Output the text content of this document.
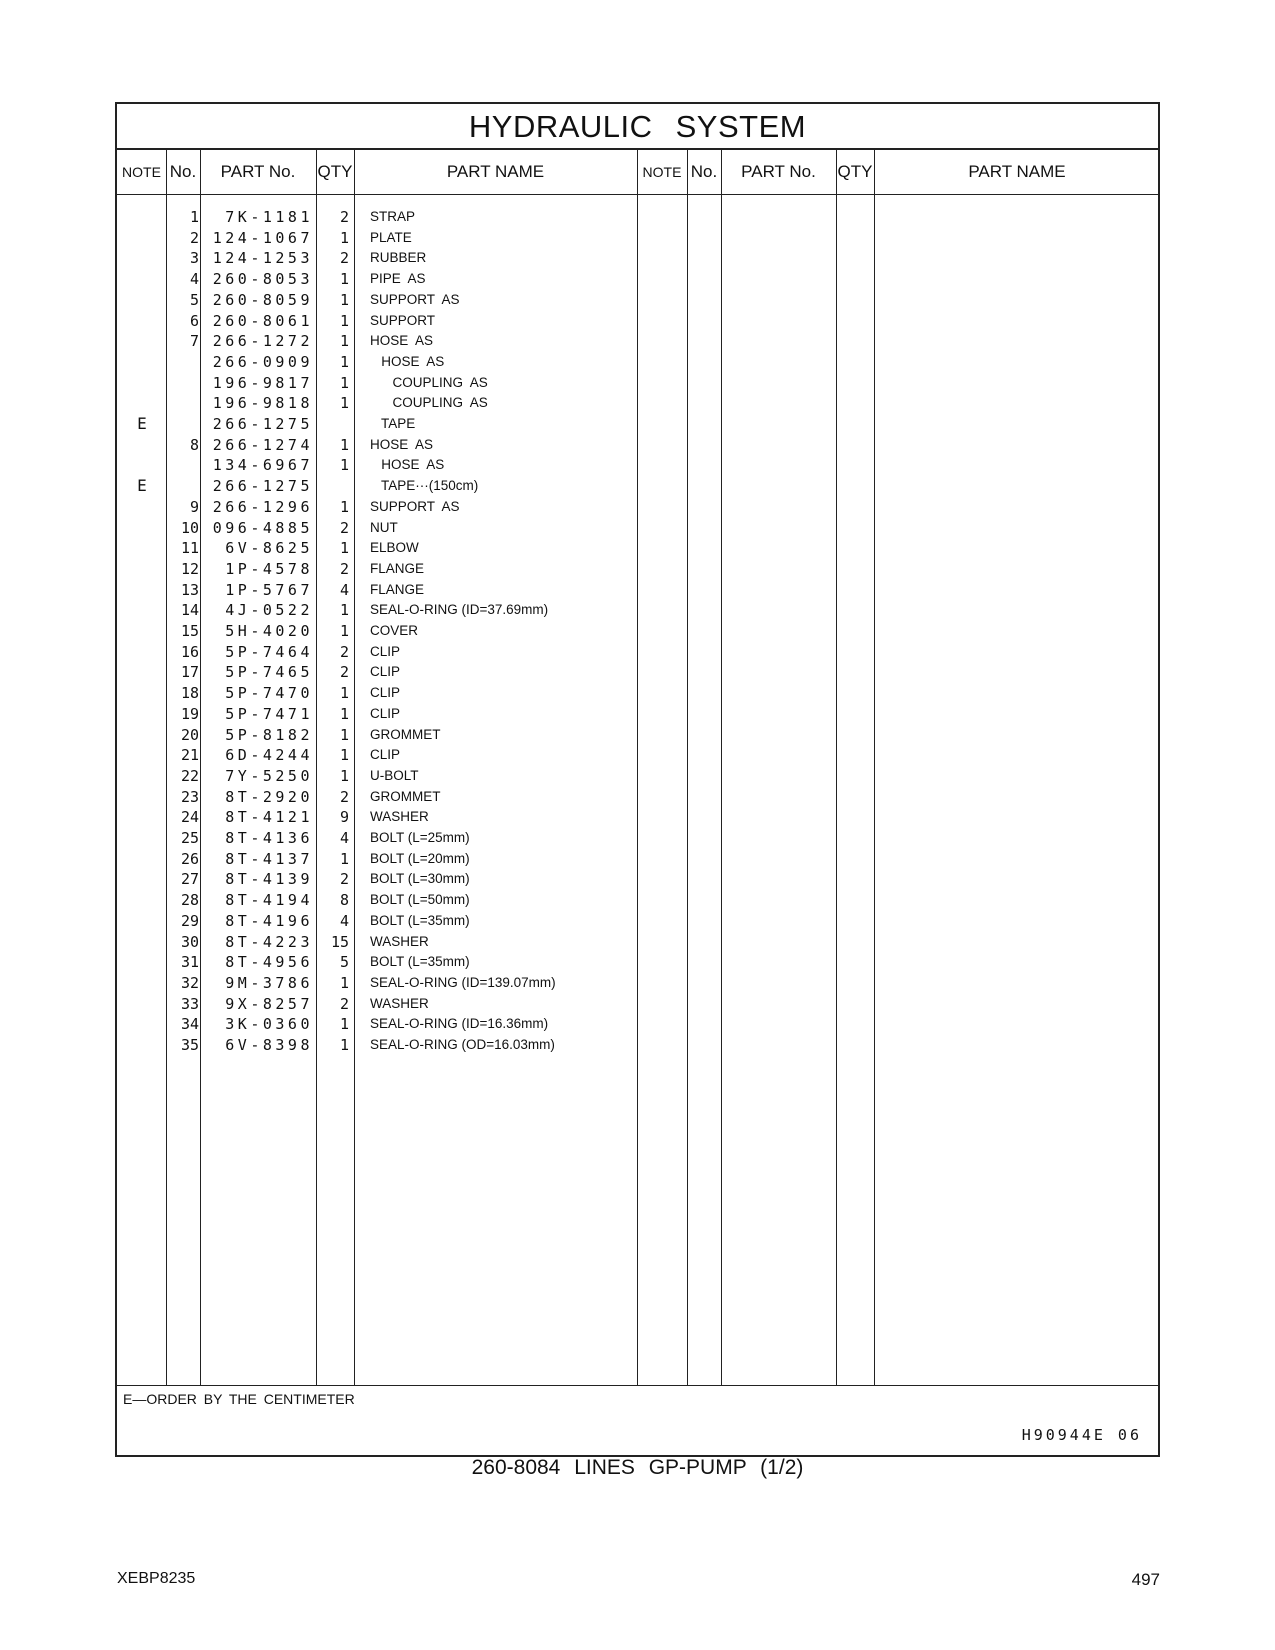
HYDRAULIC SYSTEM
NOTE No.	PART No.	QTY	PART NAME	NOTE No.	PART No.	QTY	PART NAME
1	7K-1181	2 STRAP
2 124-1067	1 PLATE
3 124-1253	2 RUBBER
4 260-8053	1 PIPE  AS
5 260-8059	1 SUPPORT  AS
6 260-8061	1 SUPPORT
7 266-1272	1 HOSE  AS
266-0909	1 HOSE  AS
196-9817	1 COUPLING  AS
196-9818	1 COUPLING  AS
E	266-1275	TAPE
8 266-1274	1 HOSE  AS
134-6967	1 HOSE  AS
E	266-1275	TAPE···(150cm)
9 266-1296	1 SUPPORT  AS
10 096-4885	2 NUT
11	6V-8625	1 ELBOW
12	1P-4578	2 FLANGE
13	1P-5767	4 FLANGE
14	4J-0522	1 SEAL-O-RING (ID=37.69mm)
15	5H-4020	1 COVER
16	5P-7464	2 CLIP
17	5P-7465	2 CLIP
18	5P-7470	1 CLIP
19	5P-7471	1 CLIP
20	5P-8182	1 GROMMET
21	6D-4244	1 CLIP
22	7Y-5250	1 U-BOLT
23	8T-2920	2 GROMMET
24	8T-4121	9 WASHER
25	8T-4136	4 BOLT (L=25mm)
26	8T-4137	1 BOLT (L=20mm)
27	8T-4139	2 BOLT (L=30mm)
28	8T-4194	8 BOLT (L=50mm)
29	8T-4196	4 BOLT (L=35mm)
30	8T-4223	15 WASHER
31	8T-4956	5 BOLT (L=35mm)
32	9M-3786	1 SEAL-O-RING (ID=139.07mm)
33	9X-8257	2 WASHER
34	3K-0360	1 SEAL-O-RING (ID=16.36mm)
35	6V-8398	1 SEAL-O-RING (OD=16.03mm)
E—ORDER BY THE CENTIMETER
H90944E 06
260-8084 LINES GP-PUMP (1/2)
XEBP8235	497
